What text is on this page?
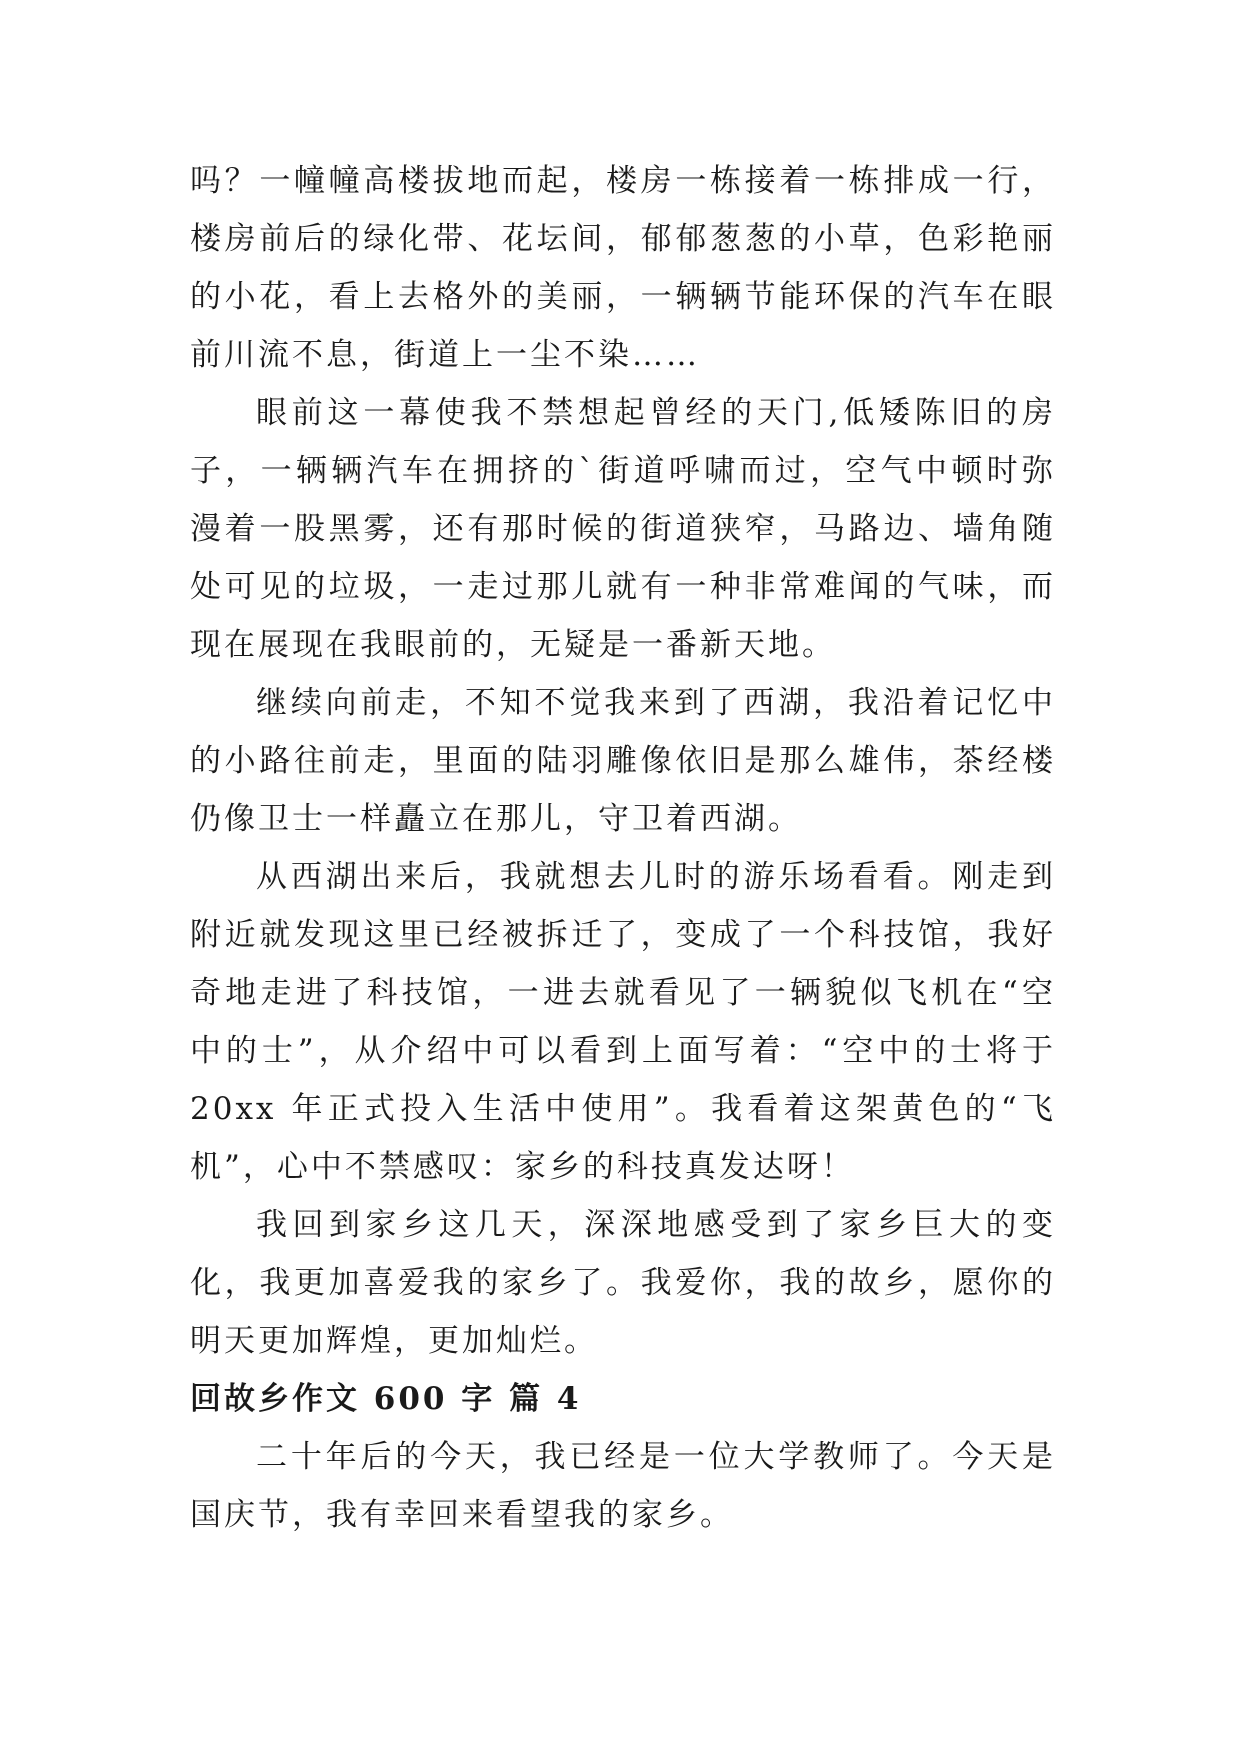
吗？一幢幢高楼拔地而起，楼房一栋接着一栋排成一行，楼房前后的绿化带、花坛间，郁郁葱葱的小草，色彩艳丽的小花，看上去格外的美丽，一辆辆节能环保的汽车在眼前川流不息，街道上一尘不染……

眼前这一幕使我不禁想起曾经的天门,低矮陈旧的房子，一辆辆汽车在拥挤的`街道呼啸而过，空气中顿时弥漫着一股黑雾，还有那时候的街道狭窄，马路边、墙角随处可见的垃圾，一走过那儿就有一种非常难闻的气味，而现在展现在我眼前的，无疑是一番新天地。

继续向前走，不知不觉我来到了西湖，我沿着记忆中的小路往前走，里面的陆羽雕像依旧是那么雄伟，茶经楼仍像卫士一样矗立在那儿，守卫着西湖。

从西湖出来后，我就想去儿时的游乐场看看。刚走到附近就发现这里已经被拆迁了，变成了一个科技馆，我好奇地走进了科技馆，一进去就看见了一辆貌似飞机在“空中的士”，从介绍中可以看到上面写着：“空中的士将于 20xx 年正式投入生活中使用”。我看着这架黄色的“飞机”，心中不禁感叹：家乡的科技真发达呀！

我回到家乡这几天，深深地感受到了家乡巨大的变化，我更加喜爱我的家乡了。我爱你，我的故乡，愿你的明天更加辉煌，更加灿烂。

回故乡作文 600 字 篇 4

二十年后的今天，我已经是一位大学教师了。今天是国庆节，我有幸回来看望我的家乡。
